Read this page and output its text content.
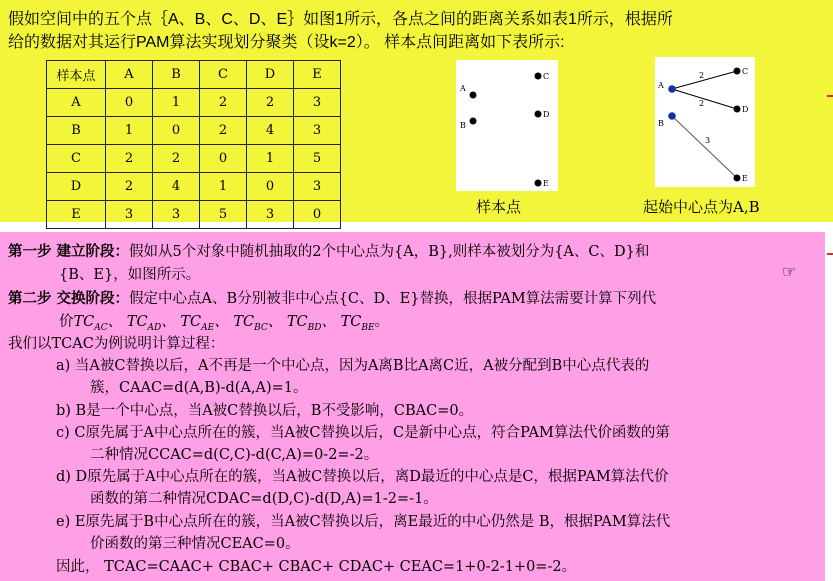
假如空间中的五个点｛A、B、C、D、E｝如图1所示，各点之间的距离关系如表1所示，根据所
给的数据对其运行PAM算法实现划分聚类（设k=2）。 样本点间距离如下表所示:
样本点	A	B	C	D	E
A	0	1	2	2	3
B	1	0	2	4	3
C	2	2	0	1	5
D	2	4	1	0	3
E	3	3	5	3	0
A
B
C
D
E
样本点
2
2
3
A
B
C
D
E
起始中心点为A,B
第一步 建立阶段：假如从5个对象中随机抽取的2个中心点为{A，B},则样本被划分为{A、C、D}和
{B、E}，如图所示。	☞
第二步 交换阶段：假定中心点A、B分别被非中心点{C、D、E}替换，根据PAM算法需要计算下列代
价$TC_{AC}$、 $TC_{AD}$、 $TC_{AE}$、 $TC_{BC}$、 $TC_{BD}$、 $TC_{BE}$。
我们以TCAC为例说明计算过程：
a) 当A被C替换以后，A不再是一个中心点，因为A离B比A离C近，A被分配到B中心点代表的
簇，CAAC=d(A,B)-d(A,A)=1。
b) B是一个中心点，当A被C替换以后，B不受影响，CBAC=0。
c) C原先属于A中心点所在的簇，当A被C替换以后，C是新中心点，符合PAM算法代价函数的第
二种情况CCAC=d(C,C)-d(C,A)=0-2=-2。
d) D原先属于A中心点所在的簇，当A被C替换以后，离D最近的中心点是C，根据PAM算法代价
函数的第二种情况CDAC=d(D,C)-d(D,A)=1-2=-1。
e) E原先属于B中心点所在的簇，当A被C替换以后，离E最近的中心仍然是 B，根据PAM算法代
价函数的第三种情况CEAC=0。
因此， TCAC=CAAC+ CBAC+ CBAC+ CDAC+ CEAC=1+0-2-1+0=-2。
